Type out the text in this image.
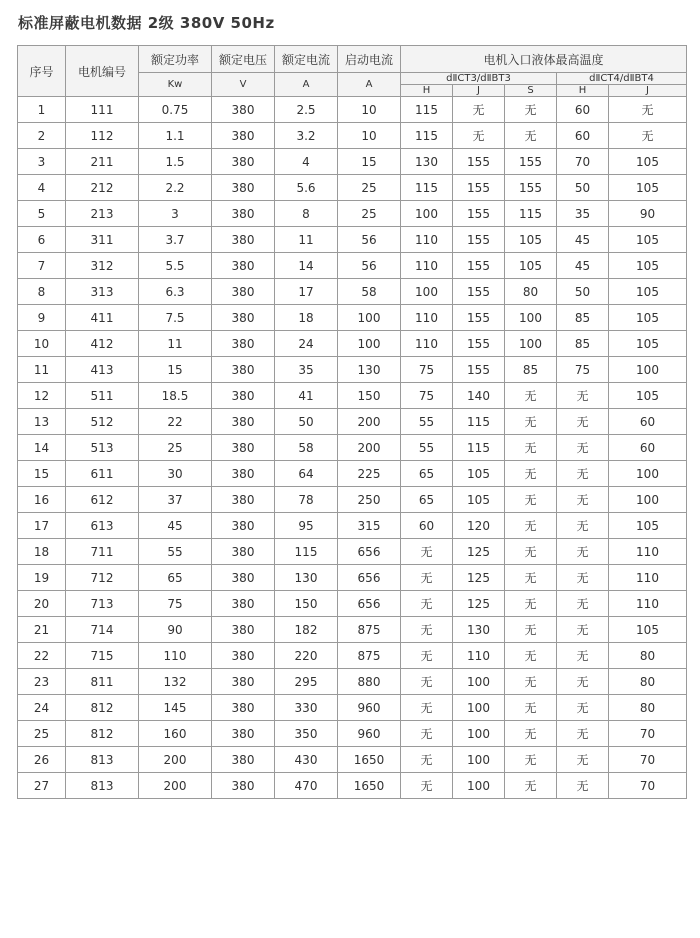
标准屏蔽电机数据 2级 380V 50Hz
序号	电机编号	额定功率	额定电压	额定电流	启动电流	电机入口液体最高温度				
		Kw	V	A	A					
						dⅡCT3/dⅡBT3			dⅡCT4/dⅡBT4	
						H	J	S	H	J
1	111	0.75	380	2.5	10	115	无	无	60	无
2	112	1.1	380	3.2	10	115	无	无	60	无
3	211	1.5	380	4	15	130	155	155	70	105
4	212	2.2	380	5.6	25	115	155	155	50	105
5	213	3	380	8	25	100	155	115	35	90
6	311	3.7	380	11	56	110	155	105	45	105
7	312	5.5	380	14	56	110	155	105	45	105
8	313	6.3	380	17	58	100	155	80	50	105
9	411	7.5	380	18	100	110	155	100	85	105
10	412	11	380	24	100	110	155	100	85	105
11	413	15	380	35	130	75	155	85	75	100
12	511	18.5	380	41	150	75	140	无	无	105
13	512	22	380	50	200	55	115	无	无	60
14	513	25	380	58	200	55	115	无	无	60
15	611	30	380	64	225	65	105	无	无	100
16	612	37	380	78	250	65	105	无	无	100
17	613	45	380	95	315	60	120	无	无	105
18	711	55	380	115	656	无	125	无	无	110
19	712	65	380	130	656	无	125	无	无	110
20	713	75	380	150	656	无	125	无	无	110
21	714	90	380	182	875	无	130	无	无	105
22	715	110	380	220	875	无	110	无	无	80
23	811	132	380	295	880	无	100	无	无	80
24	812	145	380	330	960	无	100	无	无	80
25	812	160	380	350	960	无	100	无	无	70
26	813	200	380	430	1650	无	100	无	无	70
27	813	200	380	470	1650	无	100	无	无	70
